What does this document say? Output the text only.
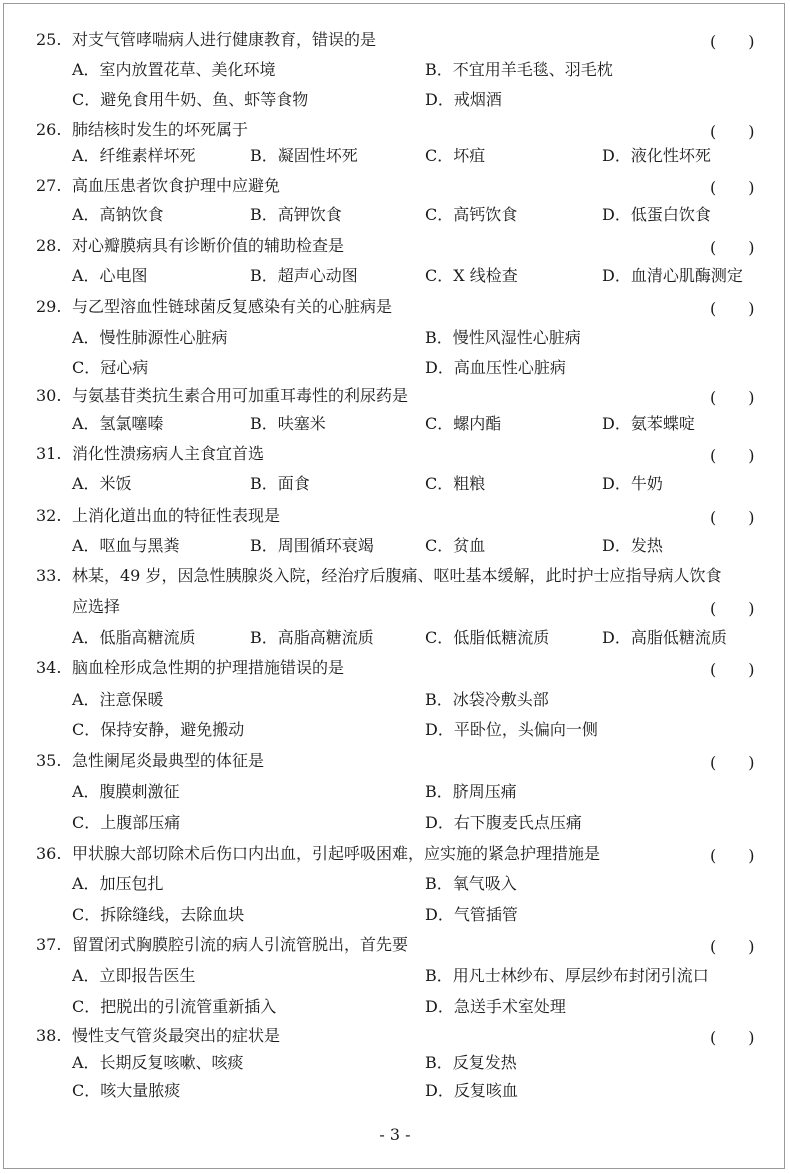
25. 对支气管哮喘病人进行健康教育，错误的是	(　　)
A．室内放置花草、美化环境	B．不宜用羊毛毯、羽毛枕
C．避免食用牛奶、鱼、虾等食物	D．戒烟酒
26. 肺结核时发生的坏死属于	(　　)
A．纤维素样坏死	B．凝固性坏死	C．坏疽	D．液化性坏死
27. 高血压患者饮食护理中应避免	(　　)
A．高钠饮食	B．高钾饮食	C．高钙饮食	D．低蛋白饮食
28. 对心瓣膜病具有诊断价值的辅助检查是	(　　)
A．心电图	B．超声心动图	C．X 线检查	D．血清心肌酶测定
29. 与乙型溶血性链球菌反复感染有关的心脏病是	(　　)
A．慢性肺源性心脏病	B．慢性风湿性心脏病
C．冠心病	D．高血压性心脏病
30. 与氨基苷类抗生素合用可加重耳毒性的利尿药是	(　　)
A．氢氯噻嗪	B．呋塞米	C．螺内酯	D．氨苯蝶啶
31. 消化性溃疡病人主食宜首选	(　　)
A．米饭	B．面食	C．粗粮	D．牛奶
32. 上消化道出血的特征性表现是	(　　)
A．呕血与黑粪	B．周围循环衰竭	C．贫血	D．发热
33. 林某，49 岁，因急性胰腺炎入院，经治疗后腹痛、呕吐基本缓解，此时护士应指导病人饮食
应选择	(　　)
A．低脂高糖流质	B．高脂高糖流质	C．低脂低糖流质	D．高脂低糖流质
34. 脑血栓形成急性期的护理措施错误的是	(　　)
A．注意保暖	B．冰袋冷敷头部
C．保持安静，避免搬动	D．平卧位，头偏向一侧
35. 急性阑尾炎最典型的体征是	(　　)
A．腹膜刺激征	B．脐周压痛
C．上腹部压痛	D．右下腹麦氏点压痛
36. 甲状腺大部切除术后伤口内出血，引起呼吸困难，应实施的紧急护理措施是	(　　)
A．加压包扎	B．氧气吸入
C．拆除缝线，去除血块	D．气管插管
37. 留置闭式胸膜腔引流的病人引流管脱出，首先要	(　　)
A．立即报告医生	B．用凡士林纱布、厚层纱布封闭引流口
C．把脱出的引流管重新插入	D．急送手术室处理
38. 慢性支气管炎最突出的症状是	(　　)
A．长期反复咳嗽、咳痰	B．反复发热
C．咳大量脓痰	D．反复咳血
- 3 -
